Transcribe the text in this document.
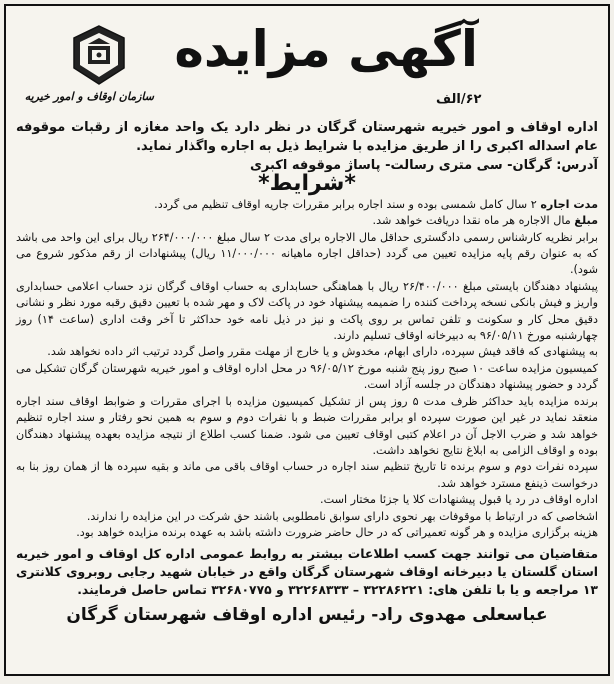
آگهی مزایده
۶۲/الف
سازمان اوقاف و امور خیریه

اداره اوقاف و امور خیریه شهرستان گرگان در نظر دارد یک واحد مغازه از رقبات موقوفه عام اسداله اکبری را از طریق مزایده با شرایط ذیل به اجاره واگذار نماید.

آدرس: گرگان- سی متری رسالت- پاساژ موقوفه اکبری

*شرایط*

مدت اجاره ۲ سال کامل شمسی بوده و سند اجاره برابر مقررات جاریه اوقاف تنظیم می گردد.

مبلغ مال الاجاره هر ماه نقدا دریافت خواهد شد.

برابر نظریه کارشناس رسمی دادگستری حداقل مال الاجاره برای مدت ۲ سال مبلغ ۲۶۴/۰۰۰/۰۰۰ ریال برای این واحد می باشد که به عنوان رقم پایه مزایده تعیین می گردد (حداقل اجاره ماهیانه ۱۱/۰۰۰/۰۰۰ ریال) پیشنهادات از رقم مذکور شروع می شود).

پیشنهاد دهندگان بایستی مبلغ ۲۶/۴۰۰/۰۰۰ ریال با هماهنگی حسابداری به حساب اوقاف گرگان نزد حساب اعلامی حسابداری واریز و فیش بانکی نسخه پرداخت کننده را ضمیمه پیشنهاد خود در پاکت لاک و مهر شده با تعیین دقیق رقبه مورد نظر و نشانی دقیق محل کار و سکونت و تلفن تماس بر روی پاکت و نیز در ذیل نامه خود حداکثر تا آخر وقت اداری (ساعت ۱۴) روز چهارشنبه مورخ ۹۶/۰۵/۱۱ به دبیرخانه اوقاف تسلیم دارند.

به پیشنهادی که فاقد فیش سپرده، دارای ابهام، مخدوش و یا خارج از مهلت مقرر واصل گردد ترتیب اثر داده نخواهد شد.

کمیسیون مزایده ساعت ۱۰ صبح روز پنج شنبه مورخ ۹۶/۰۵/۱۲ در محل اداره اوقاف و امور خیریه شهرستان گرگان تشکیل می گردد و حضور پیشنهاد دهندگان در جلسه آزاد است.

برنده مزایده باید حداکثر ظرف مدت ۵ روز پس از تشکیل کمیسیون مزایده با اجرای مقررات و ضوابط اوقاف سند اجاره منعقد نماید در غیر این صورت سپرده او برابر مقررات ضبط و با نفرات دوم و سوم به همین نحو رفتار و سند اجاره تنظیم خواهد شد و ضرب الاجل آن در اعلام کتبی اوقاف تعیین می شود. ضمنا کسب اطلاع از نتیجه مزایده بعهده پیشنهاد دهندگان بوده و اوقاف الزامی به ابلاغ نتایج نخواهد داشت.

سپرده نفرات دوم و سوم برنده تا تاریخ تنظیم سند اجاره در حساب اوقاف باقی می ماند و بقیه سپرده ها از همان روز بنا به درخواست ذینفع مسترد خواهد شد.

اداره اوقاف در رد یا قبول پیشنهادات کلا یا جزئا مختار است.

اشخاصی که در ارتباط با موقوفات بهر نحوی دارای سوابق نامطلوبی باشند حق شرکت در این مزایده را ندارند.

هزینه برگزاری مزایده و هر گونه تعمیراتی که در حال حاضر ضرورت داشته باشد به عهده برنده مزایده خواهد بود.

متقاضیان می توانند جهت کسب اطلاعات بیشتر به روابط عمومی اداره کل اوقاف و امور خیریه استان گلستان یا دبیرخانه اوقاف شهرستان گرگان واقع در خیابان شهید رجایی روبروی کلانتری ۱۳ مراجعه و یا با تلفن های: ۳۲۲۸۶۲۲۱ – ۳۲۲۶۸۳۳۳ و ۳۲۶۸۰۷۷۵ تماس حاصل فرمایند.

عباسعلی مهدوی راد- رئیس اداره اوقاف شهرستان گرگان
